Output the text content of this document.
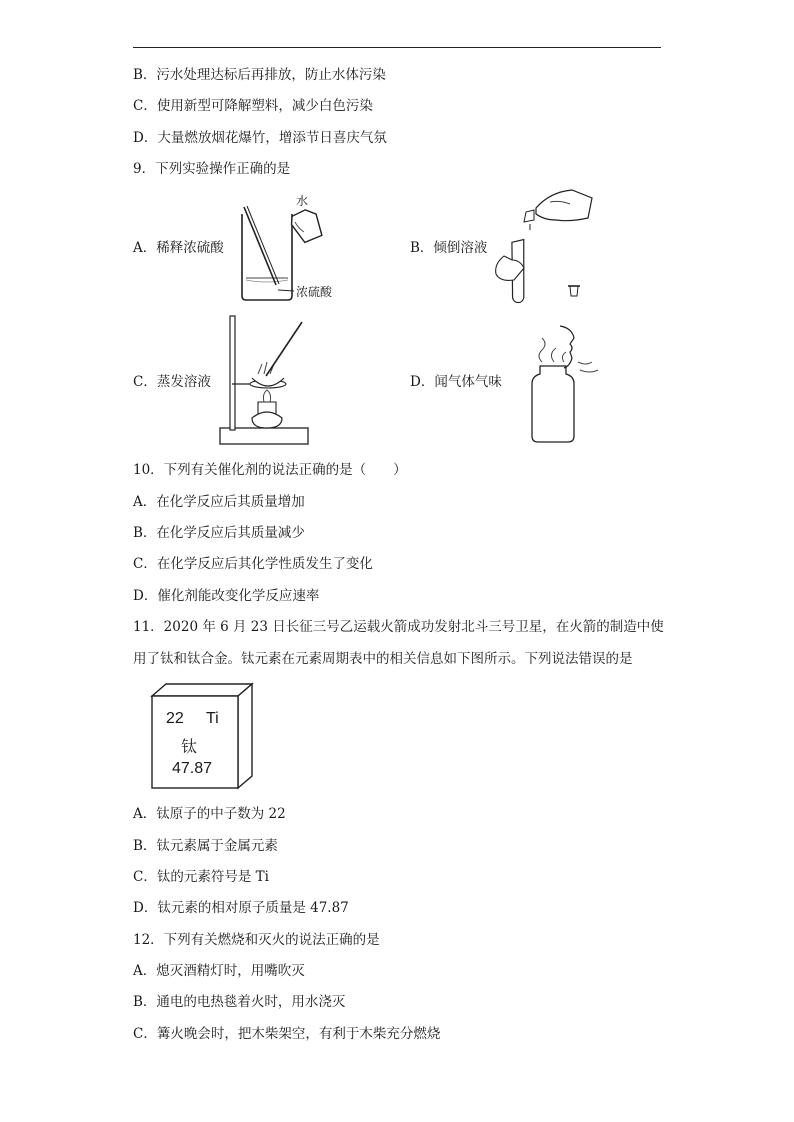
B．污水处理达标后再排放，防止水体污染
C．使用新型可降解塑料，减少白色污染
D．大量燃放烟花爆竹，增添节日喜庆气氛
9．下列实验操作正确的是
A．稀释浓硫酸
水
浓硫酸
B．倾倒溶液
C．蒸发溶液	D．闻气体气味
10．下列有关催化剂的说法正确的是（　　）
A．在化学反应后其质量增加
B．在化学反应后其质量减少
C．在化学反应后其化学性质发生了变化
D．催化剂能改变化学反应速率
11．2020 年 6 月 23 日长征三号乙运载火箭成功发射北斗三号卫星，在火箭的制造中使
用了钛和钛合金。钛元素在元素周期表中的相关信息如下图所示。下列说法错误的是
22 Ti
钛
47.87
A．钛原子的中子数为 22
B．钛元素属于金属元素
C．钛的元素符号是 Ti
D．钛元素的相对原子质量是 47.87
12．下列有关燃烧和灭火的说法正确的是
A．熄灭酒精灯时，用嘴吹灭
B．通电的电热毯着火时，用水浇灭
C．篝火晚会时，把木柴架空，有利于木柴充分燃烧
